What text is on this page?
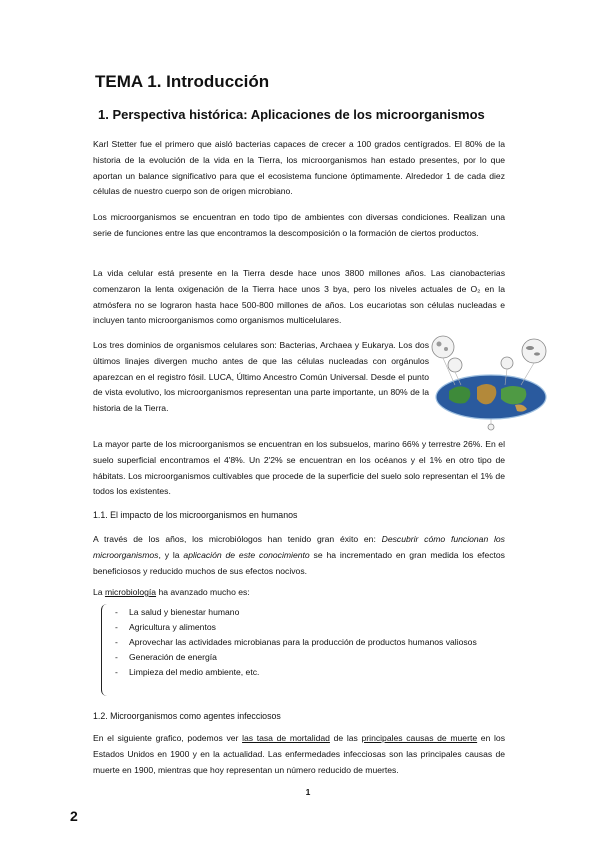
TEMA 1. Introducción
1. Perspectiva histórica: Aplicaciones de los microorganismos

Karl Stetter fue el primero que aisló bacterias capaces de crecer a 100 grados centígrados. El 80% de la historia de la evolución de la vida en la Tierra, los microorganismos han estado presentes, por lo que aportan un balance significativo para que el ecosistema funcione óptimamente. Alrededor 1 de cada diez células de nuestro cuerpo son de origen microbiano.

Los microorganismos se encuentran en todo tipo de ambientes con diversas condiciones. Realizan una serie de funciones entre las que encontramos la descomposición o la formación de ciertos productos.

La vida celular está presente en la Tierra desde hace unos 3800 millones años. Las cianobacterias comenzaron la lenta oxigenación de la Tierra hace unos 3 bya, pero los niveles actuales de O₂ en la atmósfera no se lograron hasta hace 500-800 millones de años. Los eucariotas son células nucleadas e incluyen tanto microorganismos como organismos multicelulares.

Los tres dominios de organismos celulares son: Bacterias, Archaea y Eukarya. Los dos últimos linajes divergen mucho antes de que las células nucleadas con orgánulos aparezcan en el registro fósil. LUCA, Último Ancestro Común Universal. Desde el punto de vista evolutivo, los microorganismos representan una parte importante, un 80% de la historia de la Tierra.

La mayor parte de los microorganismos se encuentran en los subsuelos, marino 66% y terrestre 26%. En el suelo superficial encontramos el 4'8%. Un 2'2% se encuentran en los océanos y el 1% en otro tipo de hábitats. Los microorganismos cultivables que procede de la superficie del suelo solo representan el 1% de todos los existentes.

1.1. El impacto de los microorganismos en humanos

A través de los años, los microbiólogos han tenido gran éxito en: Descubrir cómo funcionan los microorganismos, y la aplicación de este conocimiento se ha incrementado en gran medida los efectos beneficiosos y reducido muchos de sus efectos nocivos.

La microbiología ha avanzado mucho es:

- La salud y bienestar humano
- Agricultura y alimentos
- Aprovechar las actividades microbianas para la producción de productos humanos valiosos
- Generación de energía
- Limpieza del medio ambiente, etc.
1.2. Microorganismos como agentes infecciosos

En el siguiente grafico, podemos ver las tasa de mortalidad de las principales causas de muerte en los Estados Unidos en 1900 y en la actualidad. Las enfermedades infecciosas son las principales causas de muerte en 1900, mientras que hoy representan un número reducido de muertes.

1
2
